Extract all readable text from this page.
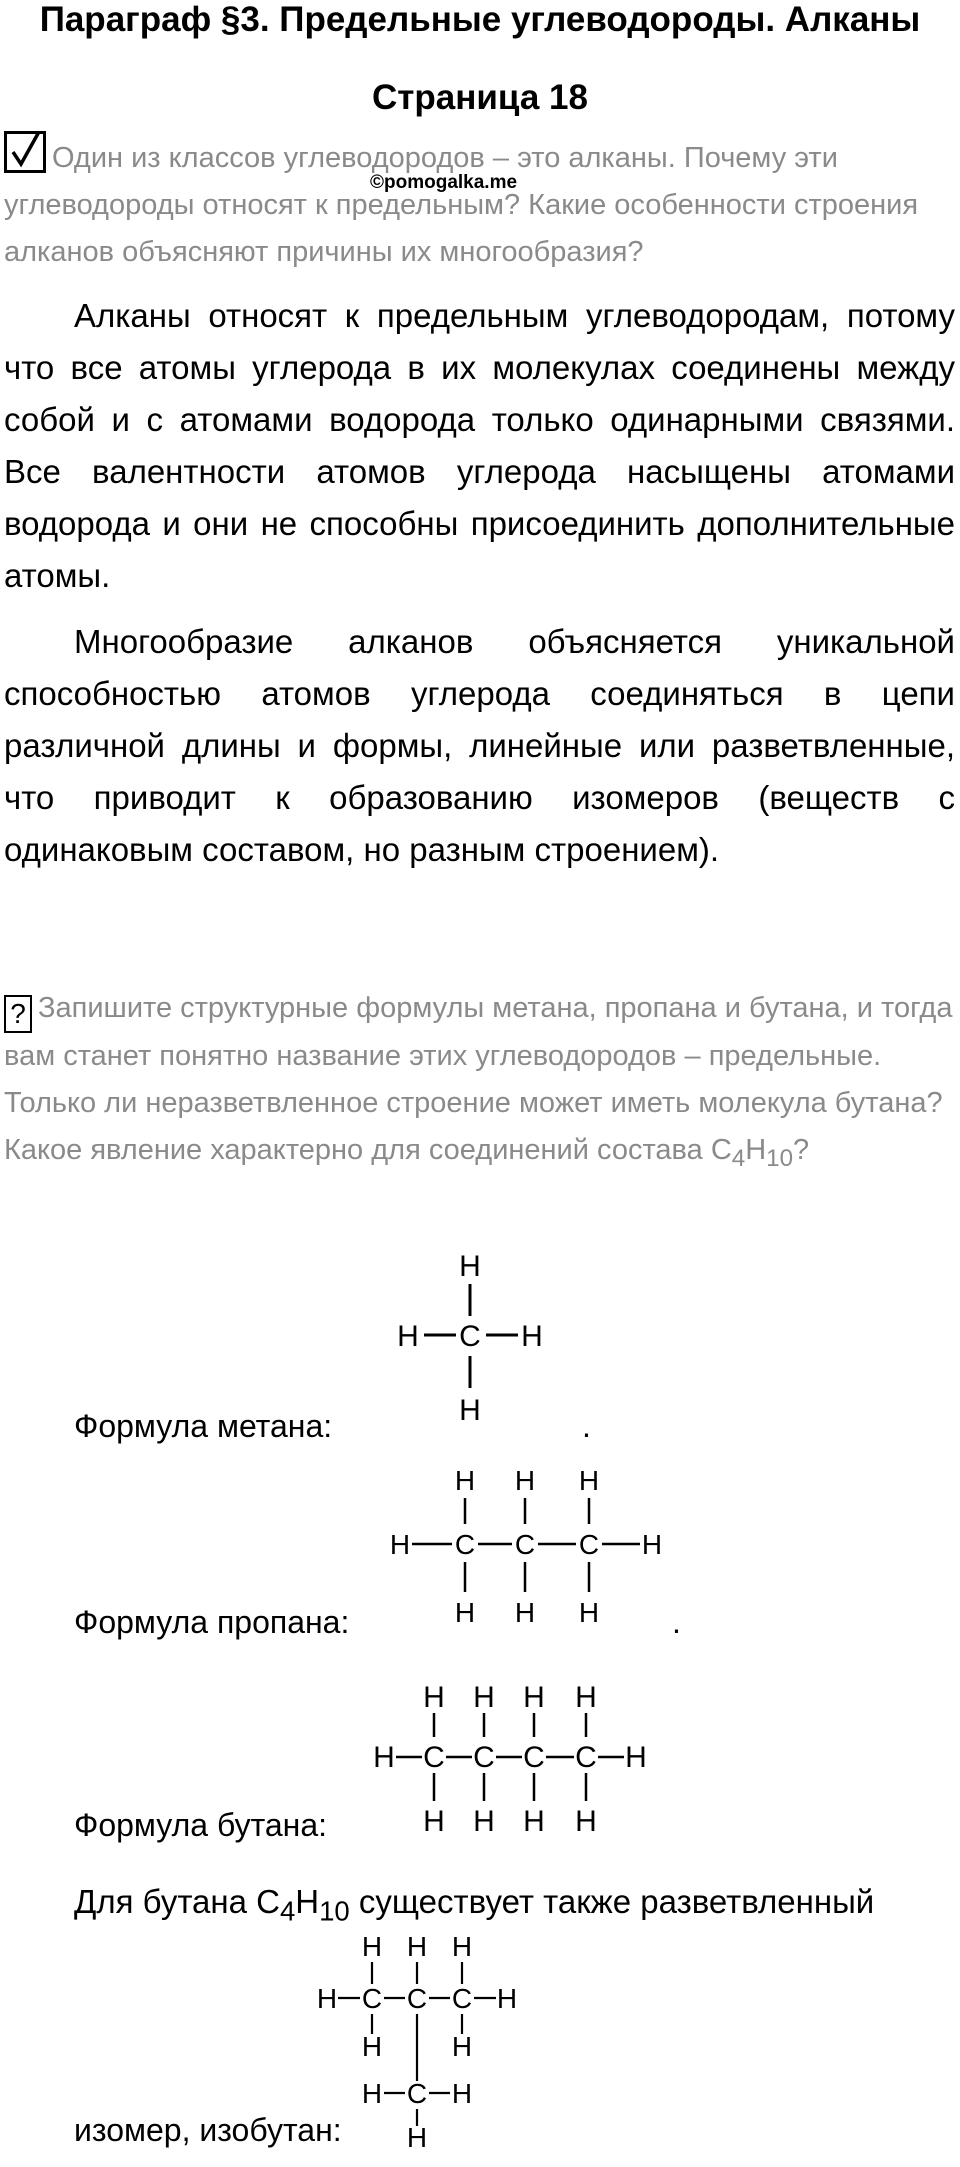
Параграф §3. Предельные углеводороды. Алканы
Страница 18
©pomogalka.me
Один из классов углеводородов – это алканы. Почему эти углеводороды относят к предельным? Какие особенности строения алканов объясняют причины их многообразия?
Алканы относят к предельным углеводородам, потому что все атомы углерода в их молекулах соединены между собой и с атомами водорода только одинарными связями. Все валентности атомов углерода насыщены атомами водорода и они не способны присоединить дополнительные атомы.
Многообразие алканов объясняется уникальной способностью атомов углерода соединяться в цепи различной длины и формы, линейные или разветвленные, что приводит к образованию изомеров (веществ с одинаковым составом, но разным строением).
? Запишите структурные формулы метана, пропана и бутана, и тогда вам станет понятно название этих углеводородов – предельные. Только ли неразветвленное строение может иметь молекула бутана? Какое явление характерно для соединений состава $C_4H_{10}$?
H
H C H
H
Формула метана:	.
H H H
H C C C H
H H H
Формула пропана:	.
H H H H
H C C C C H
H H H H
Формула бутана:
Для бутана $C_4H_{10}$ существует также разветвленный
H H H
H C C C H
H H
H C H
H
изомер, изобутан:
